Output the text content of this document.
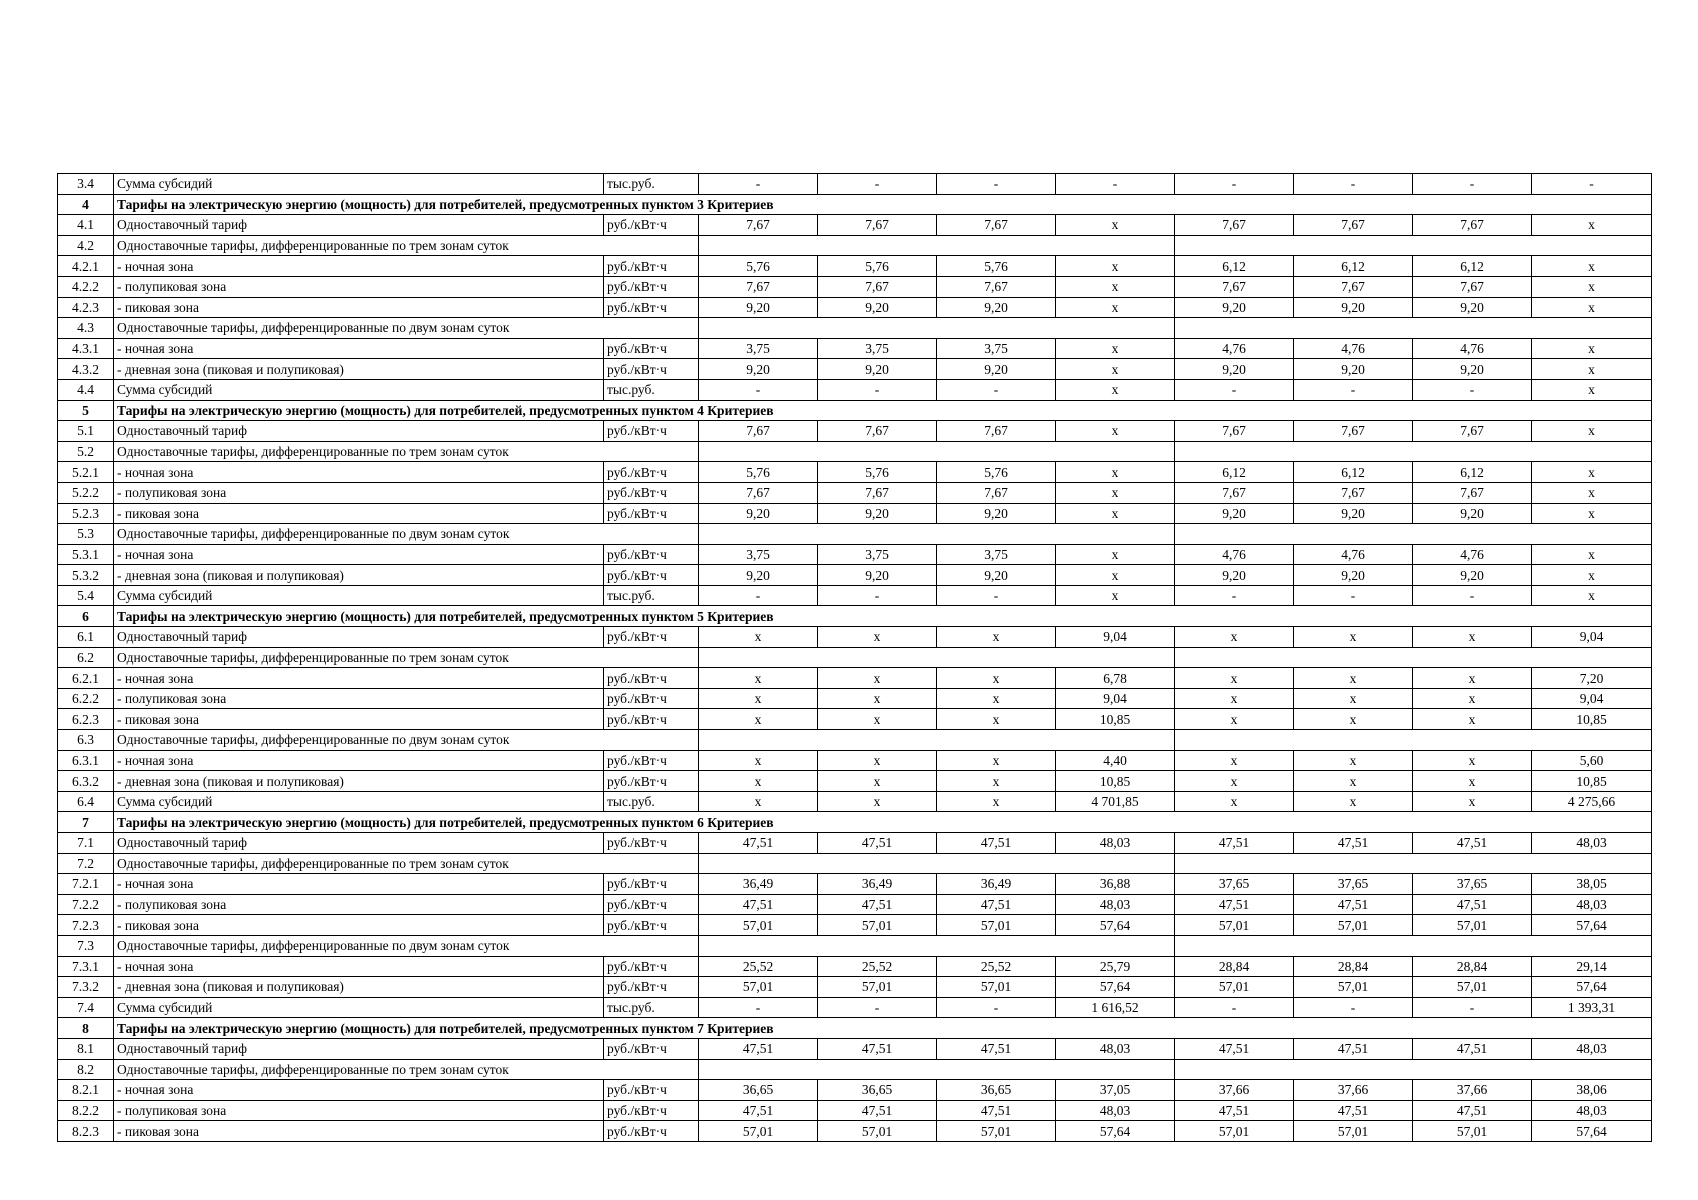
3.4	Сумма субсидий	тыс.руб.	-	-	-	-	-	-	-	-
4	Тарифы на электрическую энергию (мощность) для потребителей, предусмотренных пунктом 3 Критериев									
4.1	Одноставочный тариф	руб./кВт·ч	7,67	7,67	7,67	x	7,67	7,67	7,67	x
4.2	Одноставочные тарифы, дифференцированные по трем зонам суток									
4.2.1	- ночная зона	руб./кВт·ч	5,76	5,76	5,76	x	6,12	6,12	6,12	x
4.2.2	- полупиковая зона	руб./кВт·ч	7,67	7,67	7,67	x	7,67	7,67	7,67	x
4.2.3	- пиковая зона	руб./кВт·ч	9,20	9,20	9,20	x	9,20	9,20	9,20	x
4.3	Одноставочные тарифы, дифференцированные по двум зонам суток									
4.3.1	- ночная зона	руб./кВт·ч	3,75	3,75	3,75	x	4,76	4,76	4,76	x
4.3.2	- дневная зона (пиковая и полупиковая)	руб./кВт·ч	9,20	9,20	9,20	x	9,20	9,20	9,20	x
4.4	Сумма субсидий	тыс.руб.	-	-	-	x	-	-	-	x
5	Тарифы на электрическую энергию (мощность) для потребителей, предусмотренных пунктом 4 Критериев									
5.1	Одноставочный тариф	руб./кВт·ч	7,67	7,67	7,67	x	7,67	7,67	7,67	x
5.2	Одноставочные тарифы, дифференцированные по трем зонам суток									
5.2.1	- ночная зона	руб./кВт·ч	5,76	5,76	5,76	x	6,12	6,12	6,12	x
5.2.2	- полупиковая зона	руб./кВт·ч	7,67	7,67	7,67	x	7,67	7,67	7,67	x
5.2.3	- пиковая зона	руб./кВт·ч	9,20	9,20	9,20	x	9,20	9,20	9,20	x
5.3	Одноставочные тарифы, дифференцированные по двум зонам суток									
5.3.1	- ночная зона	руб./кВт·ч	3,75	3,75	3,75	x	4,76	4,76	4,76	x
5.3.2	- дневная зона (пиковая и полупиковая)	руб./кВт·ч	9,20	9,20	9,20	x	9,20	9,20	9,20	x
5.4	Сумма субсидий	тыс.руб.	-	-	-	x	-	-	-	x
6	Тарифы на электрическую энергию (мощность) для потребителей, предусмотренных пунктом 5 Критериев									
6.1	Одноставочный тариф	руб./кВт·ч	x	x	x	9,04	x	x	x	9,04
6.2	Одноставочные тарифы, дифференцированные по трем зонам суток									
6.2.1	- ночная зона	руб./кВт·ч	x	x	x	6,78	x	x	x	7,20
6.2.2	- полупиковая зона	руб./кВт·ч	x	x	x	9,04	x	x	x	9,04
6.2.3	- пиковая зона	руб./кВт·ч	x	x	x	10,85	x	x	x	10,85
6.3	Одноставочные тарифы, дифференцированные по двум зонам суток									
6.3.1	- ночная зона	руб./кВт·ч	x	x	x	4,40	x	x	x	5,60
6.3.2	- дневная зона (пиковая и полупиковая)	руб./кВт·ч	x	x	x	10,85	x	x	x	10,85
6.4	Сумма субсидий	тыс.руб.	x	x	x	4 701,85	x	x	x	4 275,66
7	Тарифы на электрическую энергию (мощность) для потребителей, предусмотренных пунктом 6 Критериев									
7.1	Одноставочный тариф	руб./кВт·ч	47,51	47,51	47,51	48,03	47,51	47,51	47,51	48,03
7.2	Одноставочные тарифы, дифференцированные по трем зонам суток									
7.2.1	- ночная зона	руб./кВт·ч	36,49	36,49	36,49	36,88	37,65	37,65	37,65	38,05
7.2.2	- полупиковая зона	руб./кВт·ч	47,51	47,51	47,51	48,03	47,51	47,51	47,51	48,03
7.2.3	- пиковая зона	руб./кВт·ч	57,01	57,01	57,01	57,64	57,01	57,01	57,01	57,64
7.3	Одноставочные тарифы, дифференцированные по двум зонам суток									
7.3.1	- ночная зона	руб./кВт·ч	25,52	25,52	25,52	25,79	28,84	28,84	28,84	29,14
7.3.2	- дневная зона (пиковая и полупиковая)	руб./кВт·ч	57,01	57,01	57,01	57,64	57,01	57,01	57,01	57,64
7.4	Сумма субсидий	тыс.руб.	-	-	-	1 616,52	-	-	-	1 393,31
8	Тарифы на электрическую энергию (мощность) для потребителей, предусмотренных пунктом 7 Критериев									
8.1	Одноставочный тариф	руб./кВт·ч	47,51	47,51	47,51	48,03	47,51	47,51	47,51	48,03
8.2	Одноставочные тарифы, дифференцированные по трем зонам суток									
8.2.1	- ночная зона	руб./кВт·ч	36,65	36,65	36,65	37,05	37,66	37,66	37,66	38,06
8.2.2	- полупиковая зона	руб./кВт·ч	47,51	47,51	47,51	48,03	47,51	47,51	47,51	48,03
8.2.3	- пиковая зона	руб./кВт·ч	57,01	57,01	57,01	57,64	57,01	57,01	57,01	57,64
